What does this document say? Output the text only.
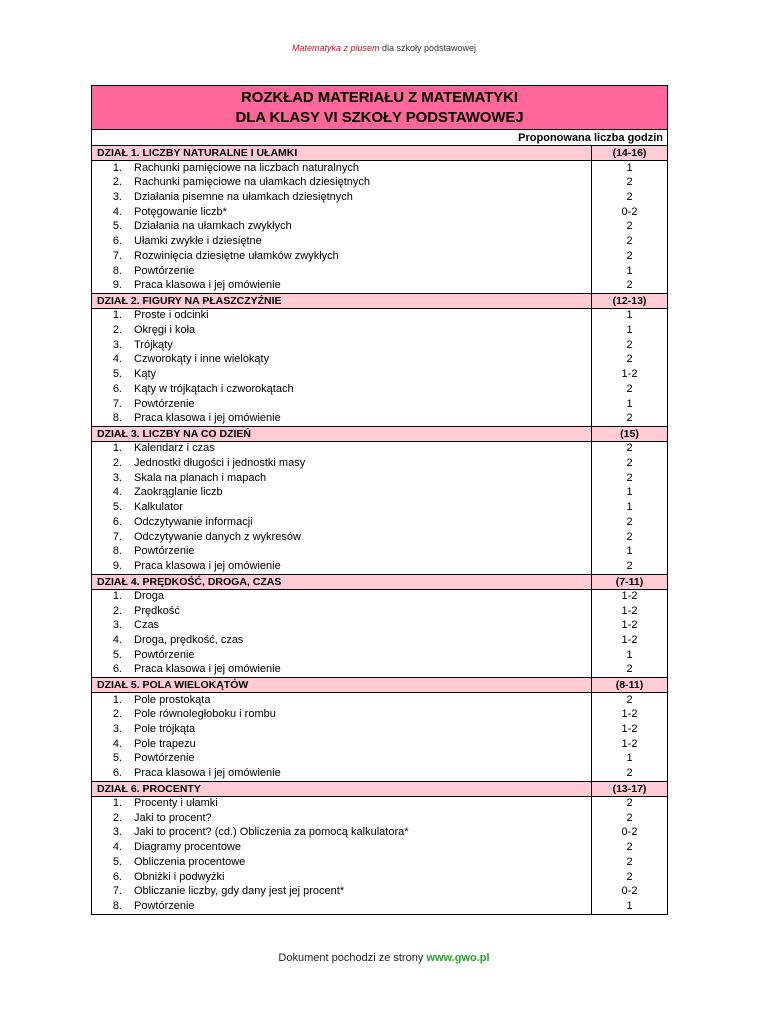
Matematyka z plusem dla szkoły podstawowej
ROZKŁAD MATERIAŁU Z MATEMATYKI
DLA KLASY VI SZKOŁY PODSTAWOWEJ	

Proponowana liczba godzin	
DZIAŁ 1. LICZBY NATURALNE I UŁAMKI	(14-16)
1. Rachunki pamięciowe na liczbach naturalnych	1
2. Rachunki pamięciowe na ułamkach dziesiętnych	2
3. Działania pisemne na ułamkach dziesiętnych	2
4. Potęgowanie liczb*	0-2
5. Działania na ułamkach zwykłych	2
6. Ułamki zwykłe i dziesiętne	2
7. Rozwinięcia dziesiętne ułamków zwykłych	2
8. Powtórzenie	1
9. Praca klasowa i jej omówienie	2
DZIAŁ 2. FIGURY NA PŁASZCZYŹNIE	(12-13)
1. Proste i odcinki	1
2. Okręgi i koła	1
3. Trójkąty	2
4. Czworokąty i inne wielokąty	2
5. Kąty	1-2
6. Kąty w trójkątach i czworokątach	2
7. Powtórzenie	1
8. Praca klasowa i jej omówienie	2
DZIAŁ 3. LICZBY NA CO DZIEŃ	(15)
1. Kalendarz i czas	2
2. Jednostki długości i jednostki masy	2
3. Skala na planach i mapach	2
4. Zaokrąglanie liczb	1
5. Kalkulator	1
6. Odczytywanie informacji	2
7. Odczytywanie danych z wykresów	2
8. Powtórzenie	1
9. Praca klasowa i jej omówienie	2
DZIAŁ 4. PRĘDKOŚĆ, DROGA, CZAS	(7-11)
1. Droga	1-2
2. Prędkość	1-2
3. Czas	1-2
4. Droga, prędkość, czas	1-2
5. Powtórzenie	1
6. Praca klasowa i jej omówienie	2
DZIAŁ 5. POLA WIELOKĄTÓW	(8-11)
1. Pole prostokąta	2
2. Pole równoległoboku i rombu	1-2
3. Pole trójkąta	1-2
4. Pole trapezu	1-2
5. Powtórzenie	1
6. Praca klasowa i jej omówienie	2
DZIAŁ 6. PROCENTY	(13-17)
1. Procenty i ułamki	2
2. Jaki to procent?	2
3. Jaki to procent? (cd.) Obliczenia za pomocą kalkulatora*	0-2
4. Diagramy procentowe	2
5. Obliczenia procentowe	2
6. Obniżki i podwyżki	2
7. Obliczanie liczby, gdy dany jest jej procent*	0-2
8. Powtórzenie	1
Dokument pochodzi ze strony www.gwo.pl
